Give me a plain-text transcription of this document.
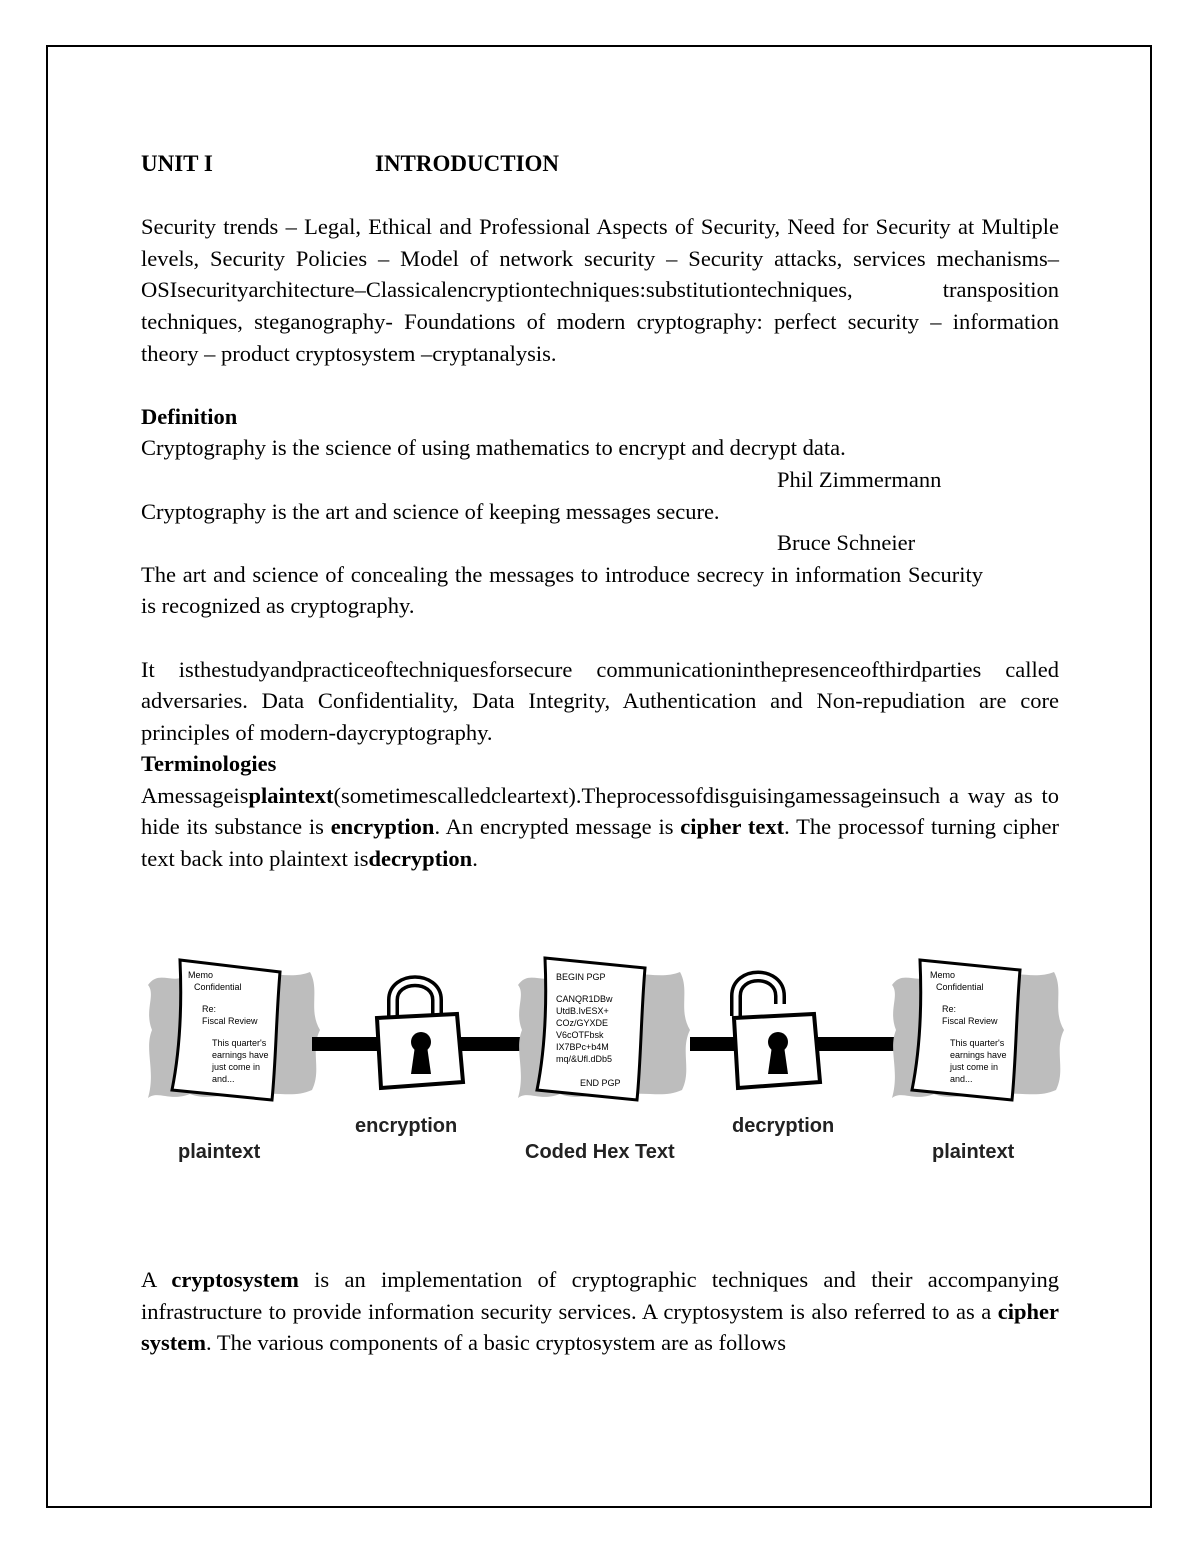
UNIT I	INTRODUCTION

Security trends – Legal, Ethical and Professional Aspects of Security, Need for Security at Multiple levels, Security Policies – Model of network security – Security attacks, services mechanisms–OSIsecurityarchitecture–Classicalencryptiontechniques:substitutiontechniques, transposition techniques, steganography- Foundations of modern cryptography: perfect security – information theory – product cryptosystem –cryptanalysis.

Definition

Cryptography is the science of using mathematics to encrypt and decrypt data.

Phil Zimmermann

Cryptography is the art and science of keeping messages secure.

Bruce Schneier

The art and science of concealing the messages to introduce secrecy in information Security is recognized as cryptography.

It isthestudyandpracticeoftechniquesforsecure communicationinthepresenceofthirdparties called adversaries. Data Confidentiality, Data Integrity, Authentication and Non-repudiation are core principles of modern-daycryptography.

Terminologies

Amessageisplaintext(sometimescalledcleartext).Theprocessofdisguisingamessageinsuch a way as to hide its substance is encryption. An encrypted message is cipher text. The processof turning cipher text back into plaintext isdecryption.

Memo
Confidential
Re:
Fiscal Review
This quarter's
earnings have
just come in
and...
BEGIN PGP
CANQR1DBw
UtdB.IvESX+
COz/GYXDE
V6cOTFbsk
IX7BPc+b4M
mq/&Ufl.dDb5
END PGP
Memo
Confidential
Re:
Fiscal Review
This quarter's
earnings have
just come in
and...
plaintext
encryption
Coded Hex Text
decryption
plaintext

A cryptosystem is an implementation of cryptographic techniques and their accompanying infrastructure to provide information security services. A cryptosystem is also referred to as a cipher system. The various components of a basic cryptosystem are as follows
